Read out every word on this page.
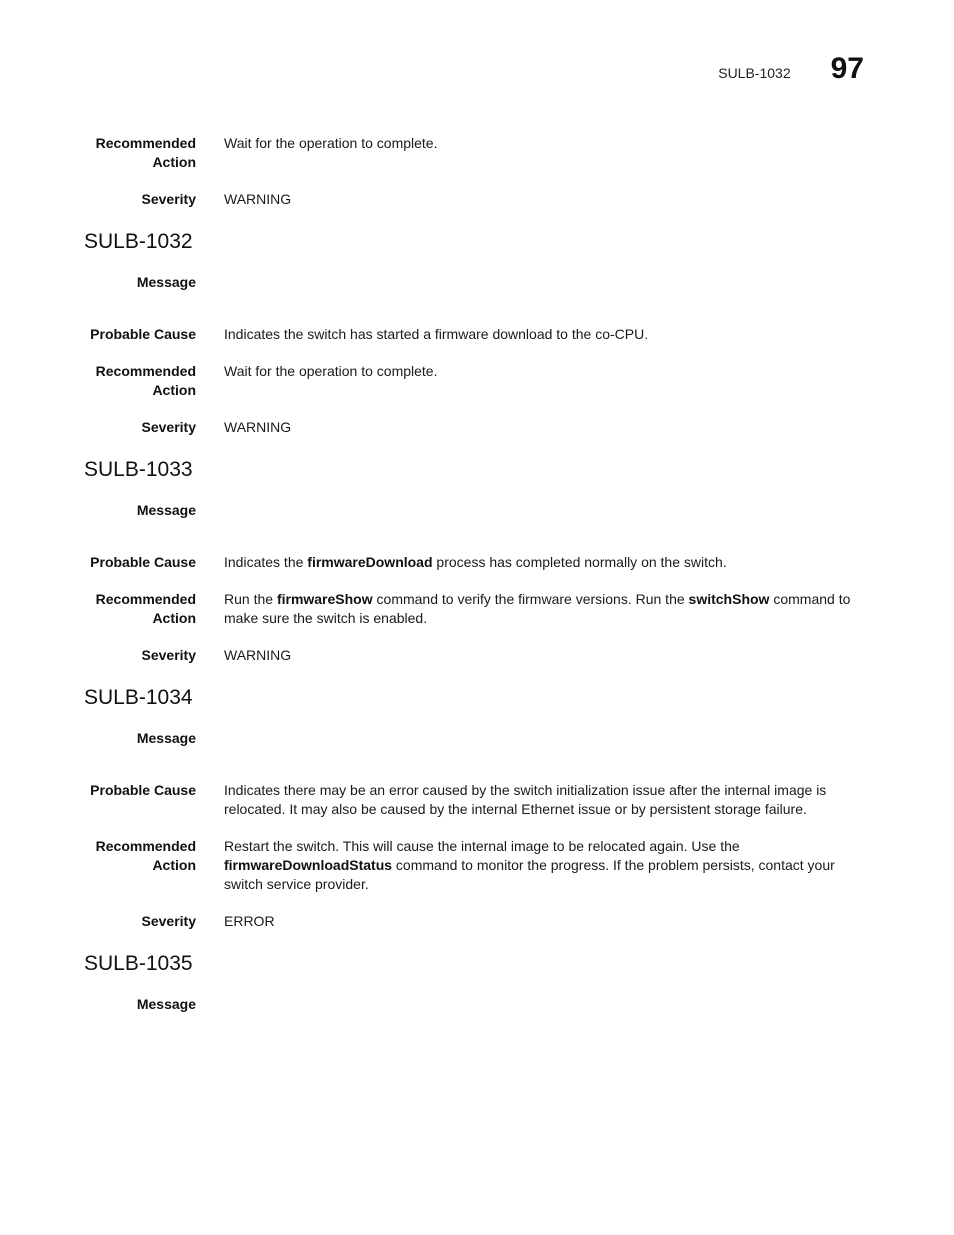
SULB-1032 97
Recommended Action
Wait for the operation to complete.
Severity WARNING
SULB-1032
Message
Probable Cause Indicates the switch has started a firmware download to the co-CPU.
Recommended Action
Wait for the operation to complete.
Severity WARNING
SULB-1033
Message
Probable Cause Indicates the firmwareDownload process has completed normally on the switch.
Recommended Action
Run the firmwareShow command to verify the firmware versions. Run the switchShow command to make sure the switch is enabled.
Severity WARNING
SULB-1034
Message
Probable Cause Indicates there may be an error caused by the switch initialization issue after the internal image is relocated. It may also be caused by the internal Ethernet issue or by persistent storage failure.
Recommended Action
Restart the switch. This will cause the internal image to be relocated again. Use the firmwareDownloadStatus command to monitor the progress. If the problem persists, contact your switch service provider.
Severity ERROR
SULB-1035
Message
